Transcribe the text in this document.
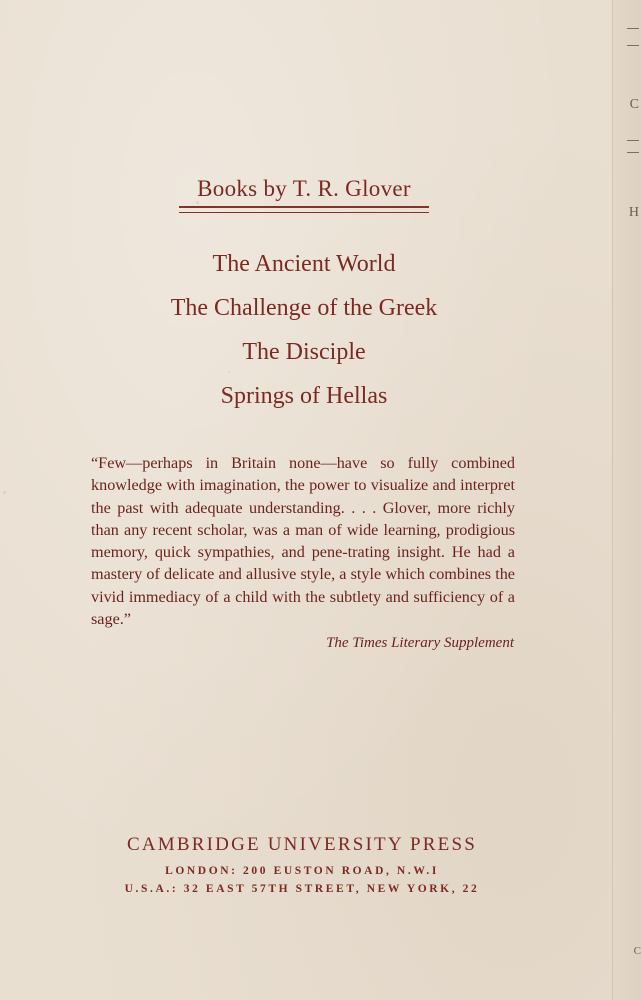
C
H
C
Books by T. R. Glover
The Ancient World
The Challenge of the Greek
The Disciple
Springs of Hellas

“Few—perhaps in Britain none—have so fully combined knowledge with imagination, the power to visualize and interpret the past with adequate understanding. . . . Glover, more richly than any recent scholar, was a man of wide learning, prodigious memory, quick sympathies, and pene-trating insight. He had a mastery of delicate and allusive style, a style which combines the vivid immediacy of a child with the subtlety and sufficiency of a sage.”

The Times Literary Supplement
CAMBRIDGE UNIVERSITY PRESS
LONDON: 200 EUSTON ROAD, N.W.I
U.S.A.: 32 EAST 57TH STREET, NEW YORK, 22
